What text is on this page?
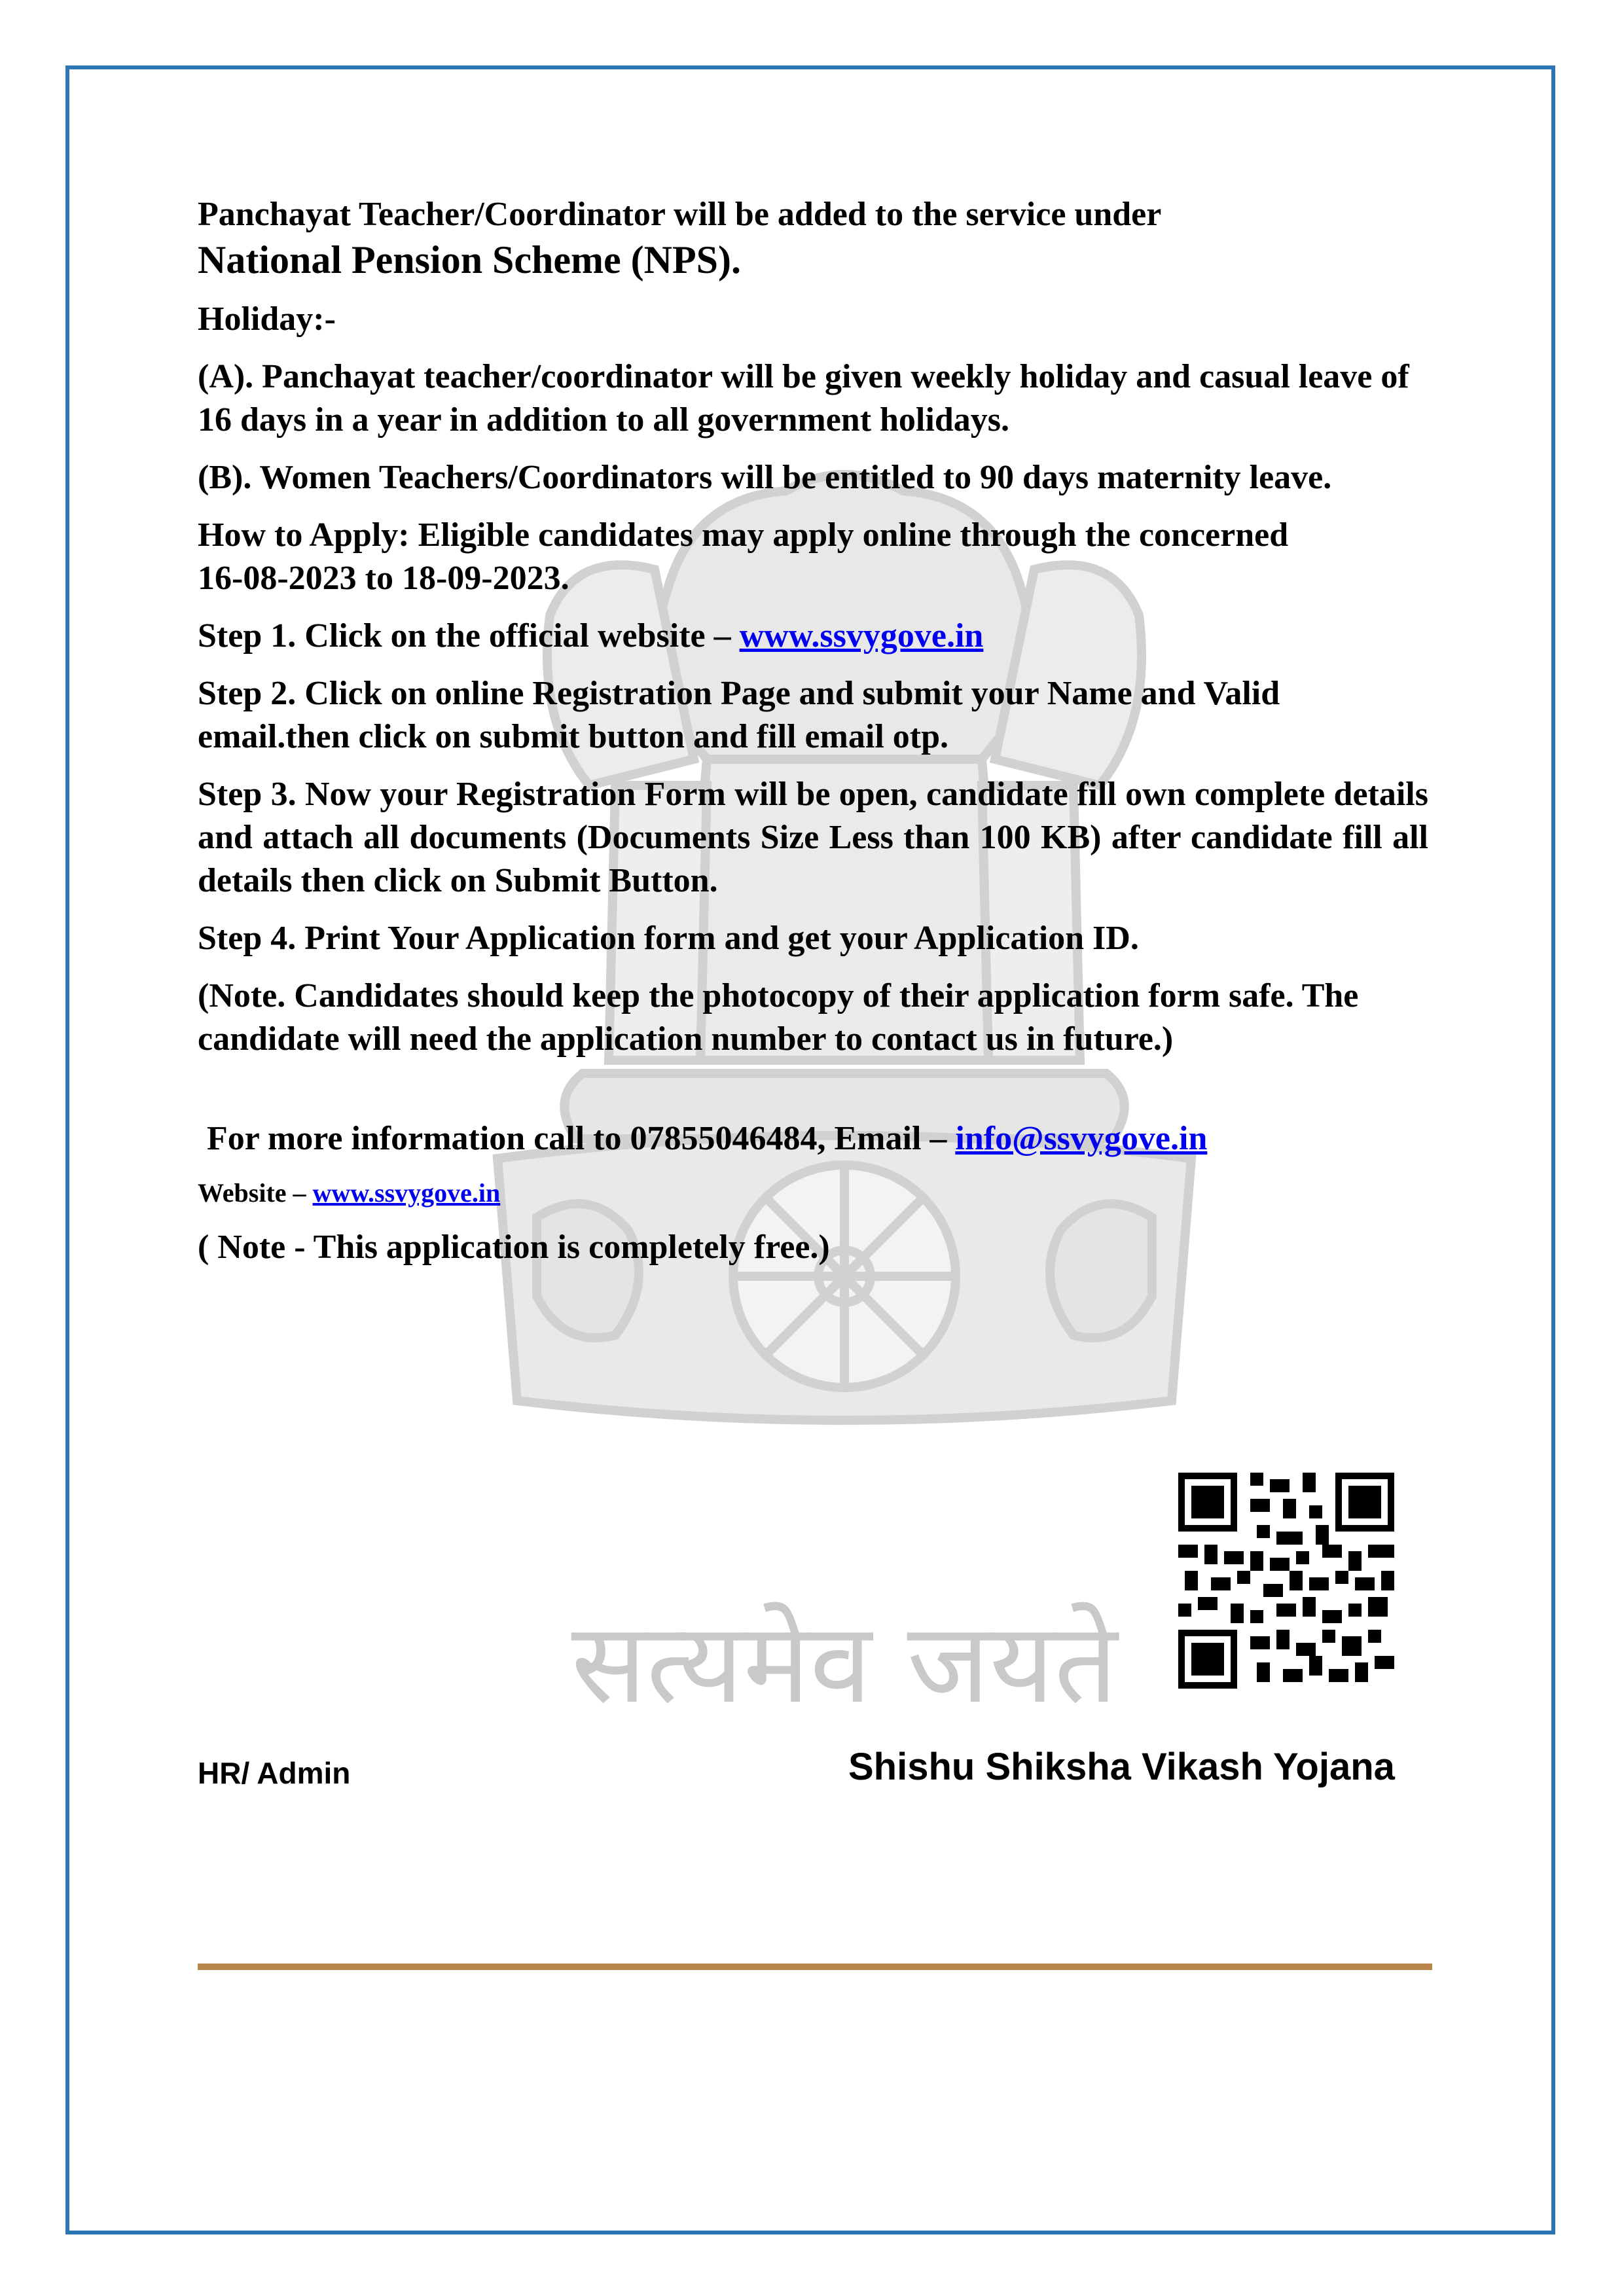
सत्यमेव जयते

Panchayat Teacher/Coordinator will be added to the service under
National Pension Scheme (NPS).

Holiday:-

(A). Panchayat teacher/coordinator will be given weekly holiday and casual leave of 16 days in a year in addition to all government holidays.

(B). Women Teachers/Coordinators will be entitled to 90 days maternity leave.

How to Apply: Eligible candidates may apply online through the concerned
16-08-2023 to 18-09-2023.

Step 1. Click on the official website – www.ssvygove.in

Step 2. Click on online Registration Page and submit your Name and Valid email.then click on submit button and fill email otp.

Step 3. Now your Registration Form will be open, candidate fill own complete details and attach all documents (Documents Size Less than 100 KB) after candidate fill all details then click on Submit Button.

Step 4. Print Your Application form and get your Application ID.

(Note. Candidates should keep the photocopy of their application form safe. The candidate will need the application number to contact us in future.)

For more information call to 07855046484, Email – info@ssvygove.in

Website – www.ssvygove.in

( Note - This application is completely free.)

HR/ Admin	Shishu Shiksha Vikash Yojana
